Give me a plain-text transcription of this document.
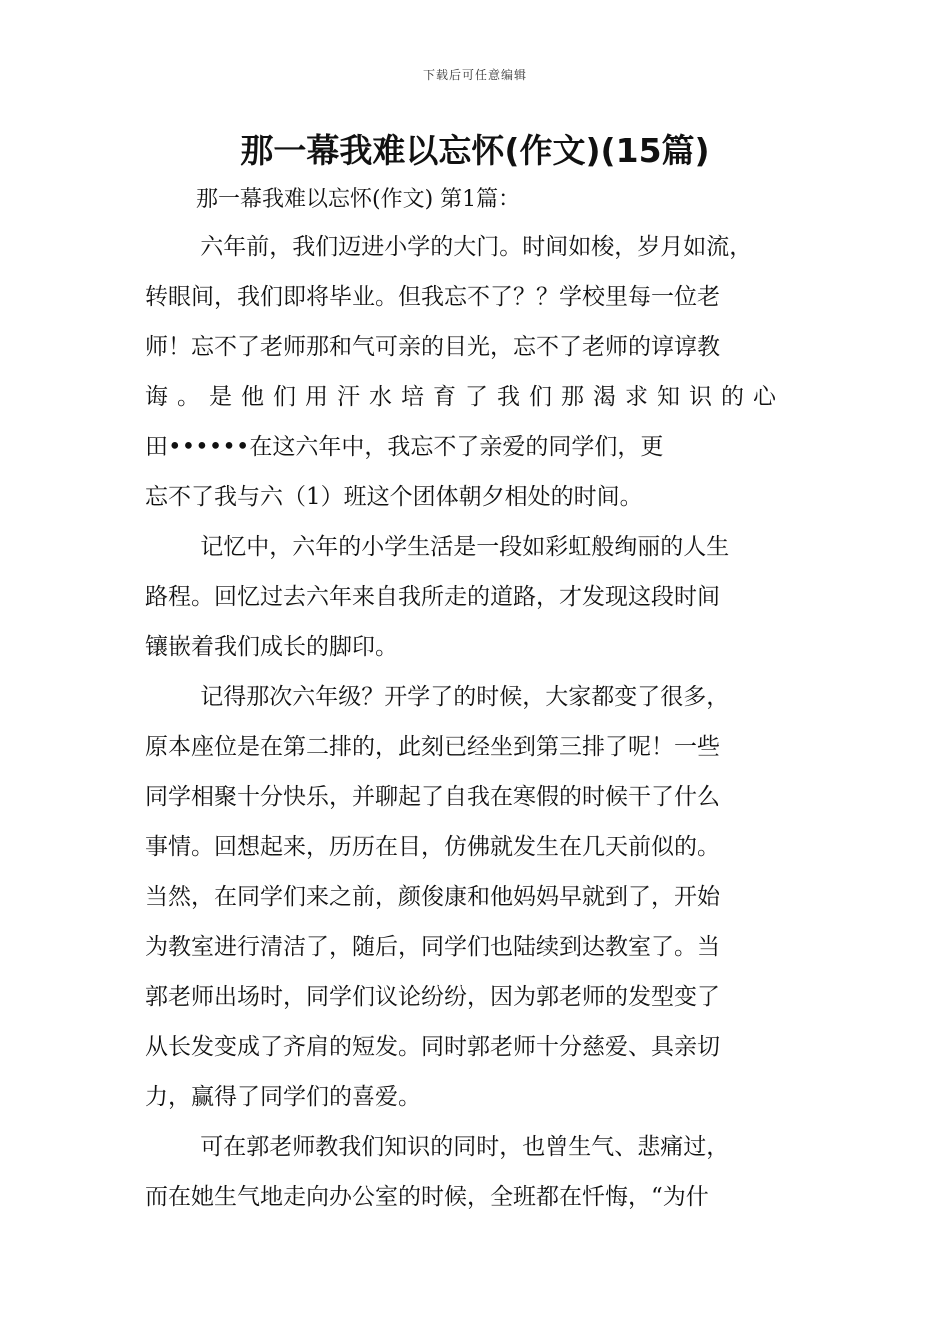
下载后可任意编辑
那一幕我难以忘怀(作文)(15篇)
那一幕我难以忘怀(作文) 第1篇：

六年前，我们迈进小学的大门。时间如梭，岁月如流，
转眼间，我们即将毕业。但我忘不了？？学校里每一位老
师！忘不了老师那和气可亲的目光，忘不了老师的谆谆教
诲。是他们用汗水培育了我们那渴求知识的心
田••••••在这六年中，我忘不了亲爱的同学们，更
忘不了我与六（1）班这个团体朝夕相处的时间。

记忆中，六年的小学生活是一段如彩虹般绚丽的人生
路程。回忆过去六年来自我所走的道路，才发现这段时间
镶嵌着我们成长的脚印。

记得那次六年级？开学了的时候，大家都变了很多，
原本座位是在第二排的，此刻已经坐到第三排了呢！一些
同学相聚十分快乐，并聊起了自我在寒假的时候干了什么
事情。回想起来，历历在目，仿佛就发生在几天前似的。
当然，在同学们来之前，颜俊康和他妈妈早就到了，开始
为教室进行清洁了，随后，同学们也陆续到达教室了。当
郭老师出场时，同学们议论纷纷，因为郭老师的发型变了
从长发变成了齐肩的短发。同时郭老师十分慈爱、具亲切
力，赢得了同学们的喜爱。

可在郭老师教我们知识的同时，也曾生气、悲痛过，
而在她生气地走向办公室的时候，全班都在忏悔，“为什
